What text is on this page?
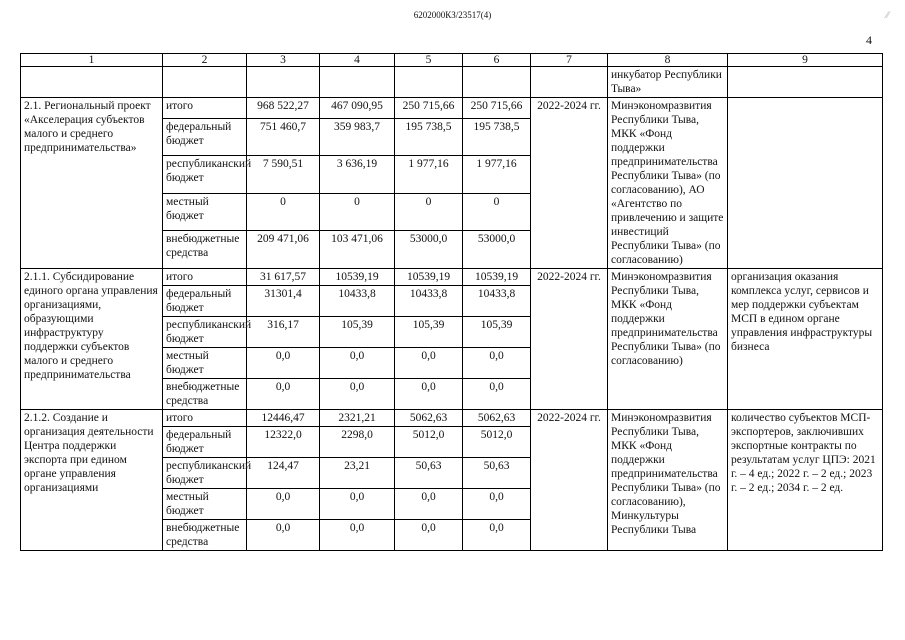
6202000КЗ/23517(4)	⁄⁄
4
1	2	3	4	5	6	7	8	9
							инкубатор Республики Тыва»	
2.1. Региональный проект «Акселерация субъектов малого и среднего предпринимательства»	итого	968 522,27	467 090,95	250 715,66	250 715,66	2022-2024 гг.	Минэкономразвития Республики Тыва, МКК «Фонд поддержки предпринимательства Республики Тыва» (по согласованию), АО «Агентство по привлечению и защите инвестиций Республики Тыва» (по согласованию)	
	федеральный бюджет	751 460,7	359 983,7	195 738,5	195 738,5			
	республиканский бюджет	7 590,51	3 636,19	1 977,16	1 977,16			
	местный бюджет	0	0	0	0			
	внебюджетные средства	209 471,06	103 471,06	53000,0	53000,0			
2.1.1. Субсидирование единого органа управления организациями, образующими инфраструктуру поддержки субъектов малого и среднего предпринимательства	итого	31 617,57	10539,19	10539,19	10539,19	2022-2024 гг.	Минэкономразвития Республики Тыва, МКК «Фонд поддержки предпринимательства Республики Тыва» (по согласованию)	организация оказания комплекса услуг, сервисов и мер поддержки субъектам МСП в едином органе управления инфраструктуры бизнеса
	федеральный бюджет	31301,4	10433,8	10433,8	10433,8			
	республиканский бюджет	316,17	105,39	105,39	105,39			
	местный бюджет	0,0	0,0	0,0	0,0			
	внебюджетные средства	0,0	0,0	0,0	0,0			
2.1.2. Создание и организация деятельности Центра поддержки экспорта при едином органе управления организациями	итого	12446,47	2321,21	5062,63	5062,63	2022-2024 гг.	Минэкономразвития Республики Тыва, МКК «Фонд поддержки предпринимательства Республики Тыва» (по согласованию), Минкультуры Республики Тыва	количество субъектов МСП-экспортеров, заключивших экспортные контракты по результатам услуг ЦПЭ: 2021 г. – 4 ед.; 2022 г. – 2 ед.; 2023 г. – 2 ед.; 2034 г. – 2 ед.
	федеральный бюджет	12322,0	2298,0	5012,0	5012,0			
	республиканский бюджет	124,47	23,21	50,63	50,63			
	местный бюджет	0,0	0,0	0,0	0,0			
	внебюджетные средства	0,0	0,0	0,0	0,0			
